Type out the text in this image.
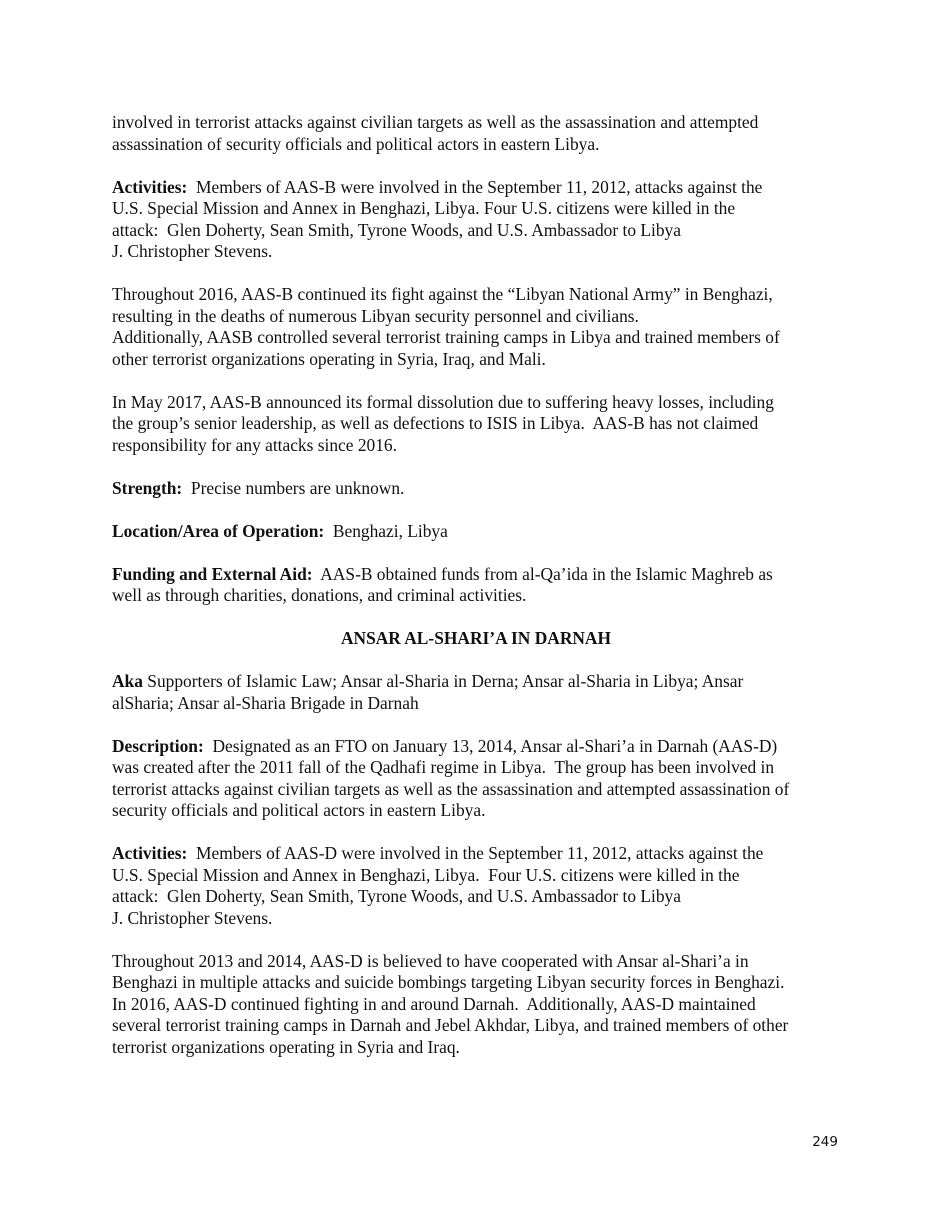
involved in terrorist attacks against civilian targets as well as the assassination and attempted
assassination of security officials and political actors in eastern Libya.

Activities:  Members of AAS-B were involved in the September 11, 2012, attacks against the
U.S. Special Mission and Annex in Benghazi, Libya. Four U.S. citizens were killed in the
attack:  Glen Doherty, Sean Smith, Tyrone Woods, and U.S. Ambassador to Libya
J. Christopher Stevens.

Throughout 2016, AAS-B continued its fight against the “Libyan National Army” in Benghazi,
resulting in the deaths of numerous Libyan security personnel and civilians.
Additionally, AASB controlled several terrorist training camps in Libya and trained members of
other terrorist organizations operating in Syria, Iraq, and Mali.

In May 2017, AAS-B announced its formal dissolution due to suffering heavy losses, including
the group’s senior leadership, as well as defections to ISIS in Libya.  AAS-B has not claimed
responsibility for any attacks since 2016.

Strength:  Precise numbers are unknown.

Location/Area of Operation:  Benghazi, Libya

Funding and External Aid:  AAS-B obtained funds from al-Qa’ida in the Islamic Maghreb as
well as through charities, donations, and criminal activities.

ANSAR AL-SHARI’A IN DARNAH

Aka Supporters of Islamic Law; Ansar al-Sharia in Derna; Ansar al-Sharia in Libya; Ansar
alSharia; Ansar al-Sharia Brigade in Darnah

Description:  Designated as an FTO on January 13, 2014, Ansar al-Shari’a in Darnah (AAS-D)
was created after the 2011 fall of the Qadhafi regime in Libya.  The group has been involved in
terrorist attacks against civilian targets as well as the assassination and attempted assassination of
security officials and political actors in eastern Libya.

Activities:  Members of AAS-D were involved in the September 11, 2012, attacks against the
U.S. Special Mission and Annex in Benghazi, Libya.  Four U.S. citizens were killed in the
attack:  Glen Doherty, Sean Smith, Tyrone Woods, and U.S. Ambassador to Libya
J. Christopher Stevens.

Throughout 2013 and 2014, AAS-D is believed to have cooperated with Ansar al-Shari’a in
Benghazi in multiple attacks and suicide bombings targeting Libyan security forces in Benghazi.
In 2016, AAS-D continued fighting in and around Darnah.  Additionally, AAS-D maintained
several terrorist training camps in Darnah and Jebel Akhdar, Libya, and trained members of other
terrorist organizations operating in Syria and Iraq.

249
